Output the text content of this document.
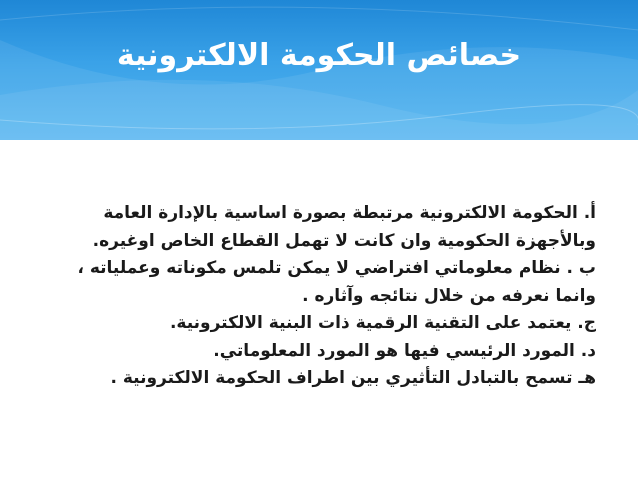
خصائص الحكومة الالكترونية
أ. الحكومة الالكترونية مرتبطة بصورة اساسية بالإدارة العامة
وبالأجهزة الحكومية وان كانت لا تهمل القطاع الخاص اوغيره.
ب . نظام معلوماتي افتراضي لا يمكن تلمس مكوناته وعملياته ،
وانما نعرفه من خلال نتائجه وآثاره .
ج. يعتمد على التقنية الرقمية ذات البنية الالكترونية.
د. المورد الرئيسي فيها هو المورد المعلوماتي.
هـ تسمح بالتبادل التأثيري بين اطراف الحكومة الالكترونية .
